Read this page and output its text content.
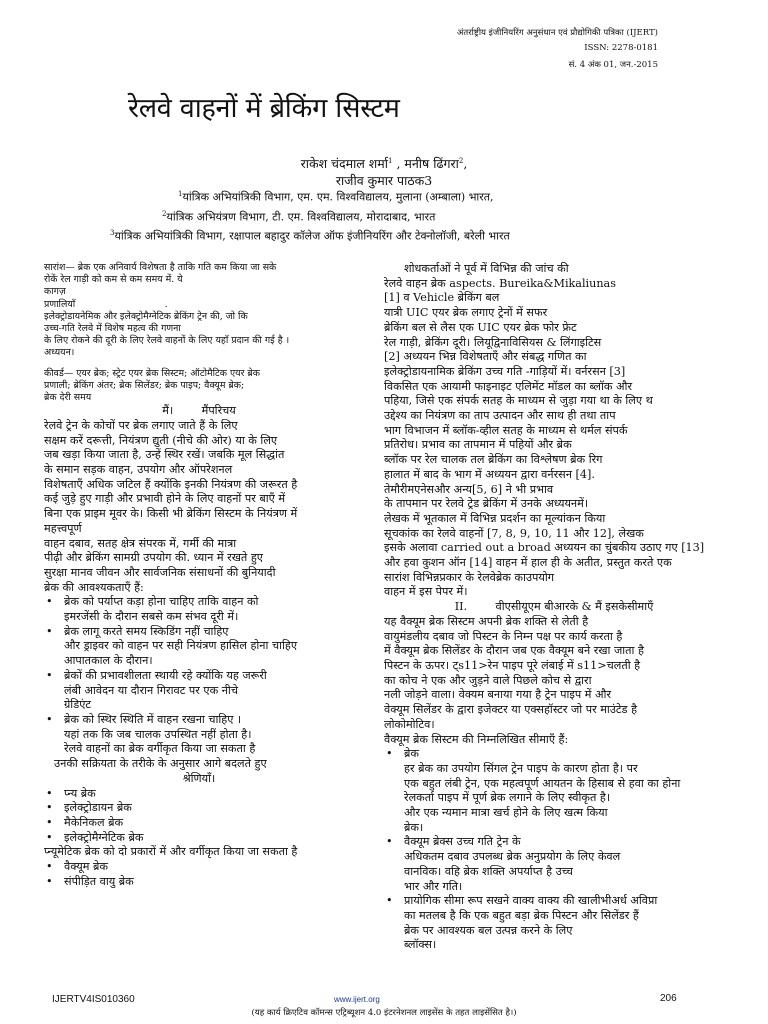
अंतर्राष्ट्रीय इंजीनियरिंग अनुसंधान एवं प्रौद्योगिकी पत्रिका (IJERT)
ISSN: 2278-0181
सं. 4 अंक 01, जन.-2015
रेलवे वाहनों में ब्रेकिंग सिस्टम
राकेश चंदमाल शर्मा$^1$ , मनीष ढिंगरा$^2$,
राजीव कुमार पाठक3
$^1$यांत्रिक अभियांत्रिकी विभाग, एम. एम. विश्वविद्यालय, मुलाना (अम्बाला) भारत,
$^2$यांत्रिक अभियंत्रण विभाग, टी. एम. विश्वविद्यालय, मोरादाबाद, भारत
$^3$यांत्रिक अभियांत्रिकी विभाग, रक्षापाल बहादुर कॉलेज ऑफ इंजीनियरिंग और टेक्नोलॉजी, बरेली भारत

सारांश— ब्रेक एक अनिवार्य विशेषता है ताकि गति कम किया जा सके

रोकें रेल गाड़ी को कम से कम समय में. ये

कागज़

प्रणालियाँ                              .

इलेक्ट्रोडायनेमिक और इलेक्ट्रोमैग्नेटिक ब्रेकिंग ट्रेन की, जो कि

उच्च-गति रेलवे में विशेष महत्व की गणना

के लिए रोकने की दूरी के लिए रेलवे वाहनों के लिए यहाँ प्रदान की गई है ।

अध्ययन।

कीवर्ड— एयर ब्रेक; स्ट्रेट एयर ब्रेक सिस्टम; ऑटोमैटिक एयर ब्रेक

प्रणाली; ब्रेकिंग अंतर; ब्रेक सिलेंडर; ब्रेक पाइप; वैक्यूम ब्रेक;

ब्रेक देरी समय

मैं।        मैंपरिचय

रेलवे ट्रेन के कोचों पर ब्रेक लगाए जाते हैं के लिए

सक्षम करें दरूत्ती, नियंत्रण द्युती (नीचे की ओर) या के लिए

जब खड़ा किया जाता है, उन्हें स्थिर रखें। जबकि मूल सिद्धांत

के समान सड़क वाहन, उपयोग और ऑपरेशनल

विशेषताएँ अधिक जटिल हैं क्योंकि इनकी नियंत्रण की जरूरत है

कई जुड़े हुए गाड़ी और प्रभावी होने के लिए वाहनों पर बाएँ में

बिना एक प्राइम मूवर के। किसी भी ब्रेकिंग सिस्टम के नियंत्रण में

महत्त्वपूर्ण

वाहन दबाव, सतह क्षेत्र संपरक में, गर्मी की मात्रा

पीढ़ी और ब्रेकिंग सामग्री उपयोग की. ध्यान में रखते हुए

सुरक्षा मानव जीवन और सार्वजनिक संसाधनों की बुनियादी

ब्रेक की आवश्यकताएँ हैं:

• ब्रेक को पर्याप्त कड़ा होना चाहिए ताकि वाहन को
इमरजेंसी के दौरान सबसे कम संभव दूरी में।
• ब्रेक लागू करते समय स्किडिंग नहीं चाहिए
और ड्राइवर को वाहन पर सही नियंत्रण हासिल होना चाहिए
आपातकाल के दौरान।
• ब्रेकों की प्रभावशीलता स्थायी रहे क्योंकि यह जरूरी
लंबी आवेदन या दौरान गिरावट पर एक नीचे
ग्रेडिएंट
• ब्रेक को स्थिर स्थिति में वाहन रखना चाहिए ।
यहां तक कि जब चालक उपस्थित नहीं होता है।

रेलवे वाहनों का ब्रेक वर्गीकृत किया जा सकता है

उनकी सक्रियता के तरीके के अनुसार आगे बदलते हुए

श्रेणियाँ।

• प्न्य ब्रेक
• इलेक्ट्रोडायन ब्रेक
• मैकेनिकल ब्रेक
• इलेक्ट्रोमैग्नेटिक ब्रेक

प्न्यूमेटिक ब्रेक को दो प्रकारों में और वर्गीकृत किया जा सकता है

• वैक्यूम ब्रेक
• संपीड़ित वायु ब्रेक

शोधकर्ताओं ने पूर्व में विभिन्न की जांच की

रेलवे वाहन ब्रेक aspects. Bureika&Mikaliunas

[1] व Vehicle ब्रेकिंग बल

यात्री UIC एयर ब्रेक लगाए ट्रेनों में सफर

ब्रेकिंग बल से लैस एक UIC एयर ब्रेक फोर फ्रेट

रेल गाड़ी, ब्रेकिंग दूरी। लियूद्विनाविसियस & लिंगाइटिस

[2] अध्ययन भिन्न विशेषताएँ और संबद्ध गणित का

इलेक्ट्रोडायनामिक ब्रेकिंग उच्च गति -गाड़ियों में। वर्नरसन [3]

विकसित एक आयामी फाइनाइट एलिमेंट मॉडल का ब्लॉक और

पहिया, जिसे एक संपर्क सतह के माध्यम से जुड़ा गया था के लिए थ

उद्देश्य का नियंत्रण का ताप उत्पादन और साथ ही तथा ताप

भाग विभाजन में ब्लॉक-व्हील सतह के माध्यम से थर्मल संपर्क

प्रतिरोध। प्रभाव का तापमान में पहियों और ब्रेक

ब्लॉक पर रेल चालक तल ब्रेकिंग का विश्लेषण ब्रेक रिग

हालात में बाद के भाग में अध्ययन द्वारा वर्नरसन [4].

तेमौरीमएनेसऔर अन्य[5, 6] ने भी प्रभाव

के तापमान पर रेलवे ट्रेड ब्रेकिंग में उनके अध्ययनमें।

लेखक में भूतकाल में विभिन्न प्रदर्शन का मूल्यांकन किया

सूचकांक का रेलवे वाहनों [7, 8, 9, 10, 11 और 12], लेखक

इसके अलावा carried out a broad अध्ययन का चुंबकीय उठाए गए [13]

और हवा कुशन ऑन [14] वाहन में हाल ही के अतीत, प्रस्तुत करते एक

सारांश विभिन्नप्रकार के रेलवेब्रेक काउपयोग

वाहन में इस पेपर में।

II.        वीएसीयूएम बीआरके & मैं इसकेसीमाएँ

यह वैक्यूम ब्रेक सिस्टम अपनी ब्रेक शक्ति से लेती है

वायुमंडलीय दबाव जो पिस्टन के निम्न पक्ष पर कार्य करता है

में वैक्यूम ब्रेक सिलेंडर के दौरान जब एक वैक्यूम बने रखा जाता है

पिस्टन के ऊपर। ट्s11>रेन पाइप पूरे लंबाई में s11>चलती है

का कोच ने एक और जुड़ने वाले पिछले कोच से द्वारा

नली जोड़ने वाला। वेक्यम बनाया गया है ट्रेन पाइप में और

वेक्यूम सिलेंडर के द्वारा इजेक्टर या एक्सहॉस्टर जो पर माउंटेड है

लोकोमोटिव।

वैक्यूम ब्रेक सिस्टम की निम्नलिखित सीमाएँ हैं:

• ब्रेक
हर ब्रेक का उपयोग सिंगल ट्रेन पाइप के कारण होता है। पर
एक बहुत लंबी ट्रेन, एक महत्वपूर्ण आयतन के हिसाब से हवा का होना
रेलकर्ता पाइप में पूर्ण ब्रेक लगाने के लिए स्वीकृत है।
और एक न्यमान मात्रा खर्च होने के लिए खत्म किया
ब्रेक।
• वैक्यूम ब्रेक्स उच्च गति ट्रेन के
अधिकतम दबाव उपलब्ध ब्रेक अनुप्रयोग के लिए केवल
वानविक। वहि ब्रेक शक्ति अपर्याप्त है उच्च
भार और गति।
• प्रायोगिक सीमा रूप सखने वाक्य वाक्य की खालीभीअर्ध अविप्रा
का मतलब है कि एक बहुत बड़ा ब्रेक पिस्टन और सिलेंडर हैं
ब्रेक पर आवश्यक बल उत्पन्न करने के लिए
ब्लॉक्स।
IJERTV4IS010360	www.ijert.org	206
(यह कार्य क्रिएटिव कॉमन्स एट्रिब्यूशन 4.0 इंटरनेशनल लाइसेंस के तहत लाइसेंसित है।)
